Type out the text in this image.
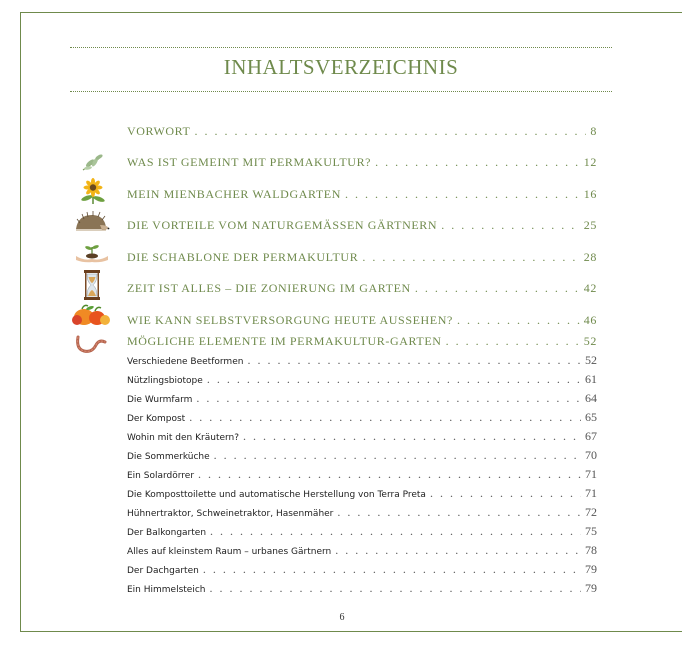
INHALTSVERZEICHNIS
VORWORT . . .	8
WAS IST GEMEINT MIT PERMAKULTUR? . . .	12
MEIN MIENBACHER WALDGARTEN . . .	16
DIE VORTEILE VOM NATURGEMÄSSEN GÄRTNERN . . .	25
DIE SCHABLONE DER PERMAKULTUR . . .	28
ZEIT IST ALLES – DIE ZONIERUNG IM GARTEN . . .	42
WIE KANN SELBSTVERSORGUNG HEUTE AUSSEHEN? . . .	46
MÖGLICHE ELEMENTE IM PERMAKULTUR-GARTEN . . .	52
Verschiedene Beetformen . . .	52
Nützlingsbiotope . . .	61
Die Wurmfarm . . .	64
Der Kompost . . .	65
Wohin mit den Kräutern? . . .	67
Die Sommerküche . . .	70
Ein Solardörrer . . .	71
Die Komposttoilette und automatische Herstellung von Terra Preta . . .	71
Hühnertraktor, Schweinetraktor, Hasenmäher . . .	72
Der Balkongarten . . .	75
Alles auf kleinstem Raum – urbanes Gärtnern . . .	78
Der Dachgarten . . .	79
Ein Himmelsteich . . .	79
6
